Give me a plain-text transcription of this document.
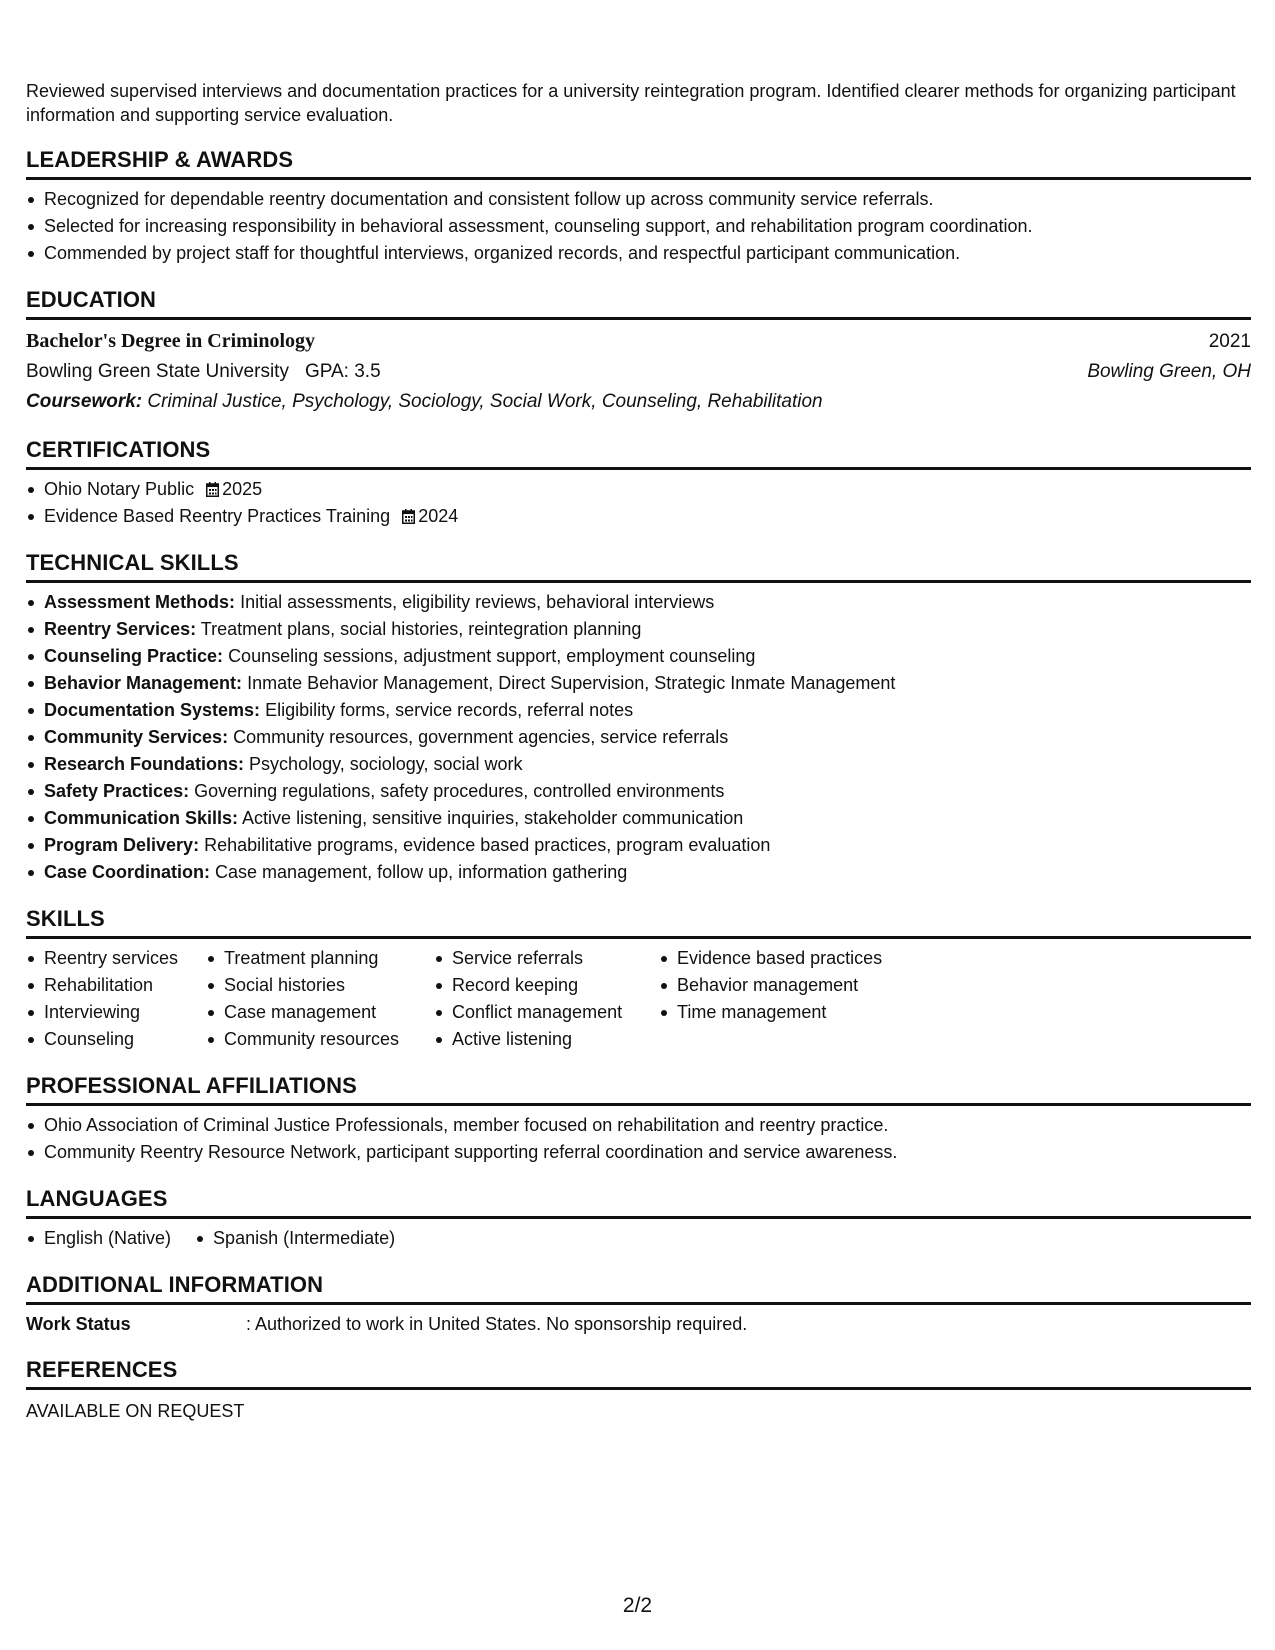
Reviewed supervised interviews and documentation practices for a university reintegration program. Identified clearer methods for organizing participant information and supporting service evaluation.
LEADERSHIP & AWARDS
Recognized for dependable reentry documentation and consistent follow up across community service referrals.
Selected for increasing responsibility in behavioral assessment, counseling support, and rehabilitation program coordination.
Commended by project staff for thoughtful interviews, organized records, and respectful participant communication.
EDUCATION
Bachelor's Degree in Criminology	2021
Bowling Green State University GPA: 3.5	Bowling Green, OH
Coursework: Criminal Justice, Psychology, Sociology, Social Work, Counseling, Rehabilitation
CERTIFICATIONS
Ohio Notary Public 2025
Evidence Based Reentry Practices Training 2024
TECHNICAL SKILLS
Assessment Methods: Initial assessments, eligibility reviews, behavioral interviews
Reentry Services: Treatment plans, social histories, reintegration planning
Counseling Practice: Counseling sessions, adjustment support, employment counseling
Behavior Management: Inmate Behavior Management, Direct Supervision, Strategic Inmate Management
Documentation Systems: Eligibility forms, service records, referral notes
Community Services: Community resources, government agencies, service referrals
Research Foundations: Psychology, sociology, social work
Safety Practices: Governing regulations, safety procedures, controlled environments
Communication Skills: Active listening, sensitive inquiries, stakeholder communication
Program Delivery: Rehabilitative programs, evidence based practices, program evaluation
Case Coordination: Case management, follow up, information gathering
SKILLS
Reentry services
Rehabilitation
Interviewing
Counseling
Treatment planning
Social histories
Case management
Community resources
Service referrals
Record keeping
Conflict management
Active listening
Evidence based practices
Behavior management
Time management
PROFESSIONAL AFFILIATIONS
Ohio Association of Criminal Justice Professionals, member focused on rehabilitation and reentry practice.
Community Reentry Resource Network, participant supporting referral coordination and service awareness.
LANGUAGES
English (Native)	Spanish (Intermediate)
ADDITIONAL INFORMATION
Work Status	: Authorized to work in United States. No sponsorship required.
REFERENCES
AVAILABLE ON REQUEST
2/2
